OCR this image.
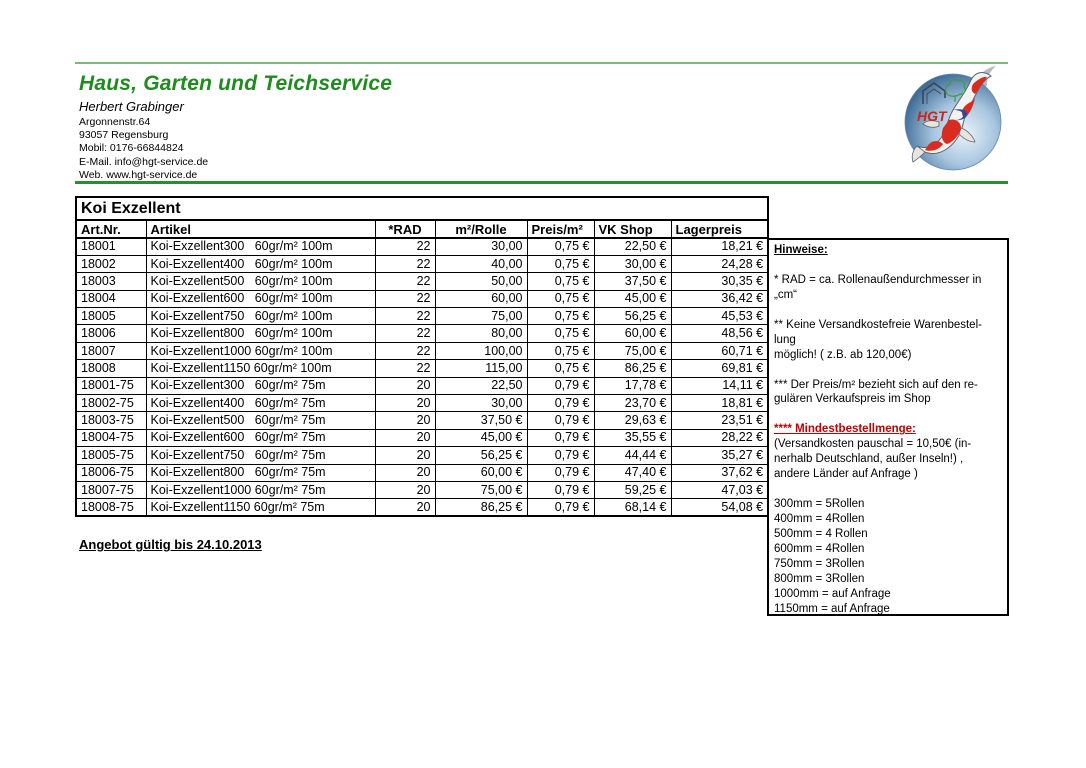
Haus, Garten und Teichservice
Herbert Grabinger
Argonnenstr.64
93057 Regensburg
Mobil: 0176-66844824
E-Mail. info@hgt-service.de
Web. www.hgt-service.de
HGT
Koi Exzellent						
Art.Nr.	Artikel	*RAD	m²/Rolle	Preis/m²	VK Shop	Lagerpreis
18001	Koi-Exzellent300   60gr/m² 100m	22	30,00	0,75 €	22,50 €	18,21 €
18002	Koi-Exzellent400   60gr/m² 100m	22	40,00	0,75 €	30,00 €	24,28 €
18003	Koi-Exzellent500   60gr/m² 100m	22	50,00	0,75 €	37,50 €	30,35 €
18004	Koi-Exzellent600   60gr/m² 100m	22	60,00	0,75 €	45,00 €	36,42 €
18005	Koi-Exzellent750   60gr/m² 100m	22	75,00	0,75 €	56,25 €	45,53 €
18006	Koi-Exzellent800   60gr/m² 100m	22	80,00	0,75 €	60,00 €	48,56 €
18007	Koi-Exzellent1000 60gr/m² 100m	22	100,00	0,75 €	75,00 €	60,71 €
18008	Koi-Exzellent1150 60gr/m² 100m	22	115,00	0,75 €	86,25 €	69,81 €
18001-75	Koi-Exzellent300   60gr/m² 75m	20	22,50	0,79 €	17,78 €	14,11 €
18002-75	Koi-Exzellent400   60gr/m² 75m	20	30,00	0,79 €	23,70 €	18,81 €
18003-75	Koi-Exzellent500   60gr/m² 75m	20	37,50 €	0,79 €	29,63 €	23,51 €
18004-75	Koi-Exzellent600   60gr/m² 75m	20	45,00 €	0,79 €	35,55 €	28,22 €
18005-75	Koi-Exzellent750   60gr/m² 75m	20	56,25 €	0,79 €	44,44 €	35,27 €
18006-75	Koi-Exzellent800   60gr/m² 75m	20	60,00 €	0,79 €	47,40 €	37,62 €
18007-75	Koi-Exzellent1000 60gr/m² 75m	20	75,00 €	0,79 €	59,25 €	47,03 €
18008-75	Koi-Exzellent1150 60gr/m² 75m	20	86,25 €	0,79 €	68,14 €	54,08 €
Angebot gültig bis 24.10.2013
Hinweise:
* RAD = ca. Rollenaußendurchmesser in
„cm“
** Keine Versandkostefreie Warenbestel-
lung
möglich! ( z.B. ab 120,00€)
*** Der Preis/m² bezieht sich auf den re-
gulären Verkaufspreis im Shop
**** Mindestbestellmenge:
(Versandkosten pauschal = 10,50€ (in-
nerhalb Deutschland, außer Inseln!) ,
andere Länder auf Anfrage )
300mm = 5Rollen
400mm = 4Rollen
500mm = 4 Rollen
600mm = 4Rollen
750mm = 3Rollen
800mm = 3Rollen
1000mm = auf Anfrage
1150mm = auf Anfrage
